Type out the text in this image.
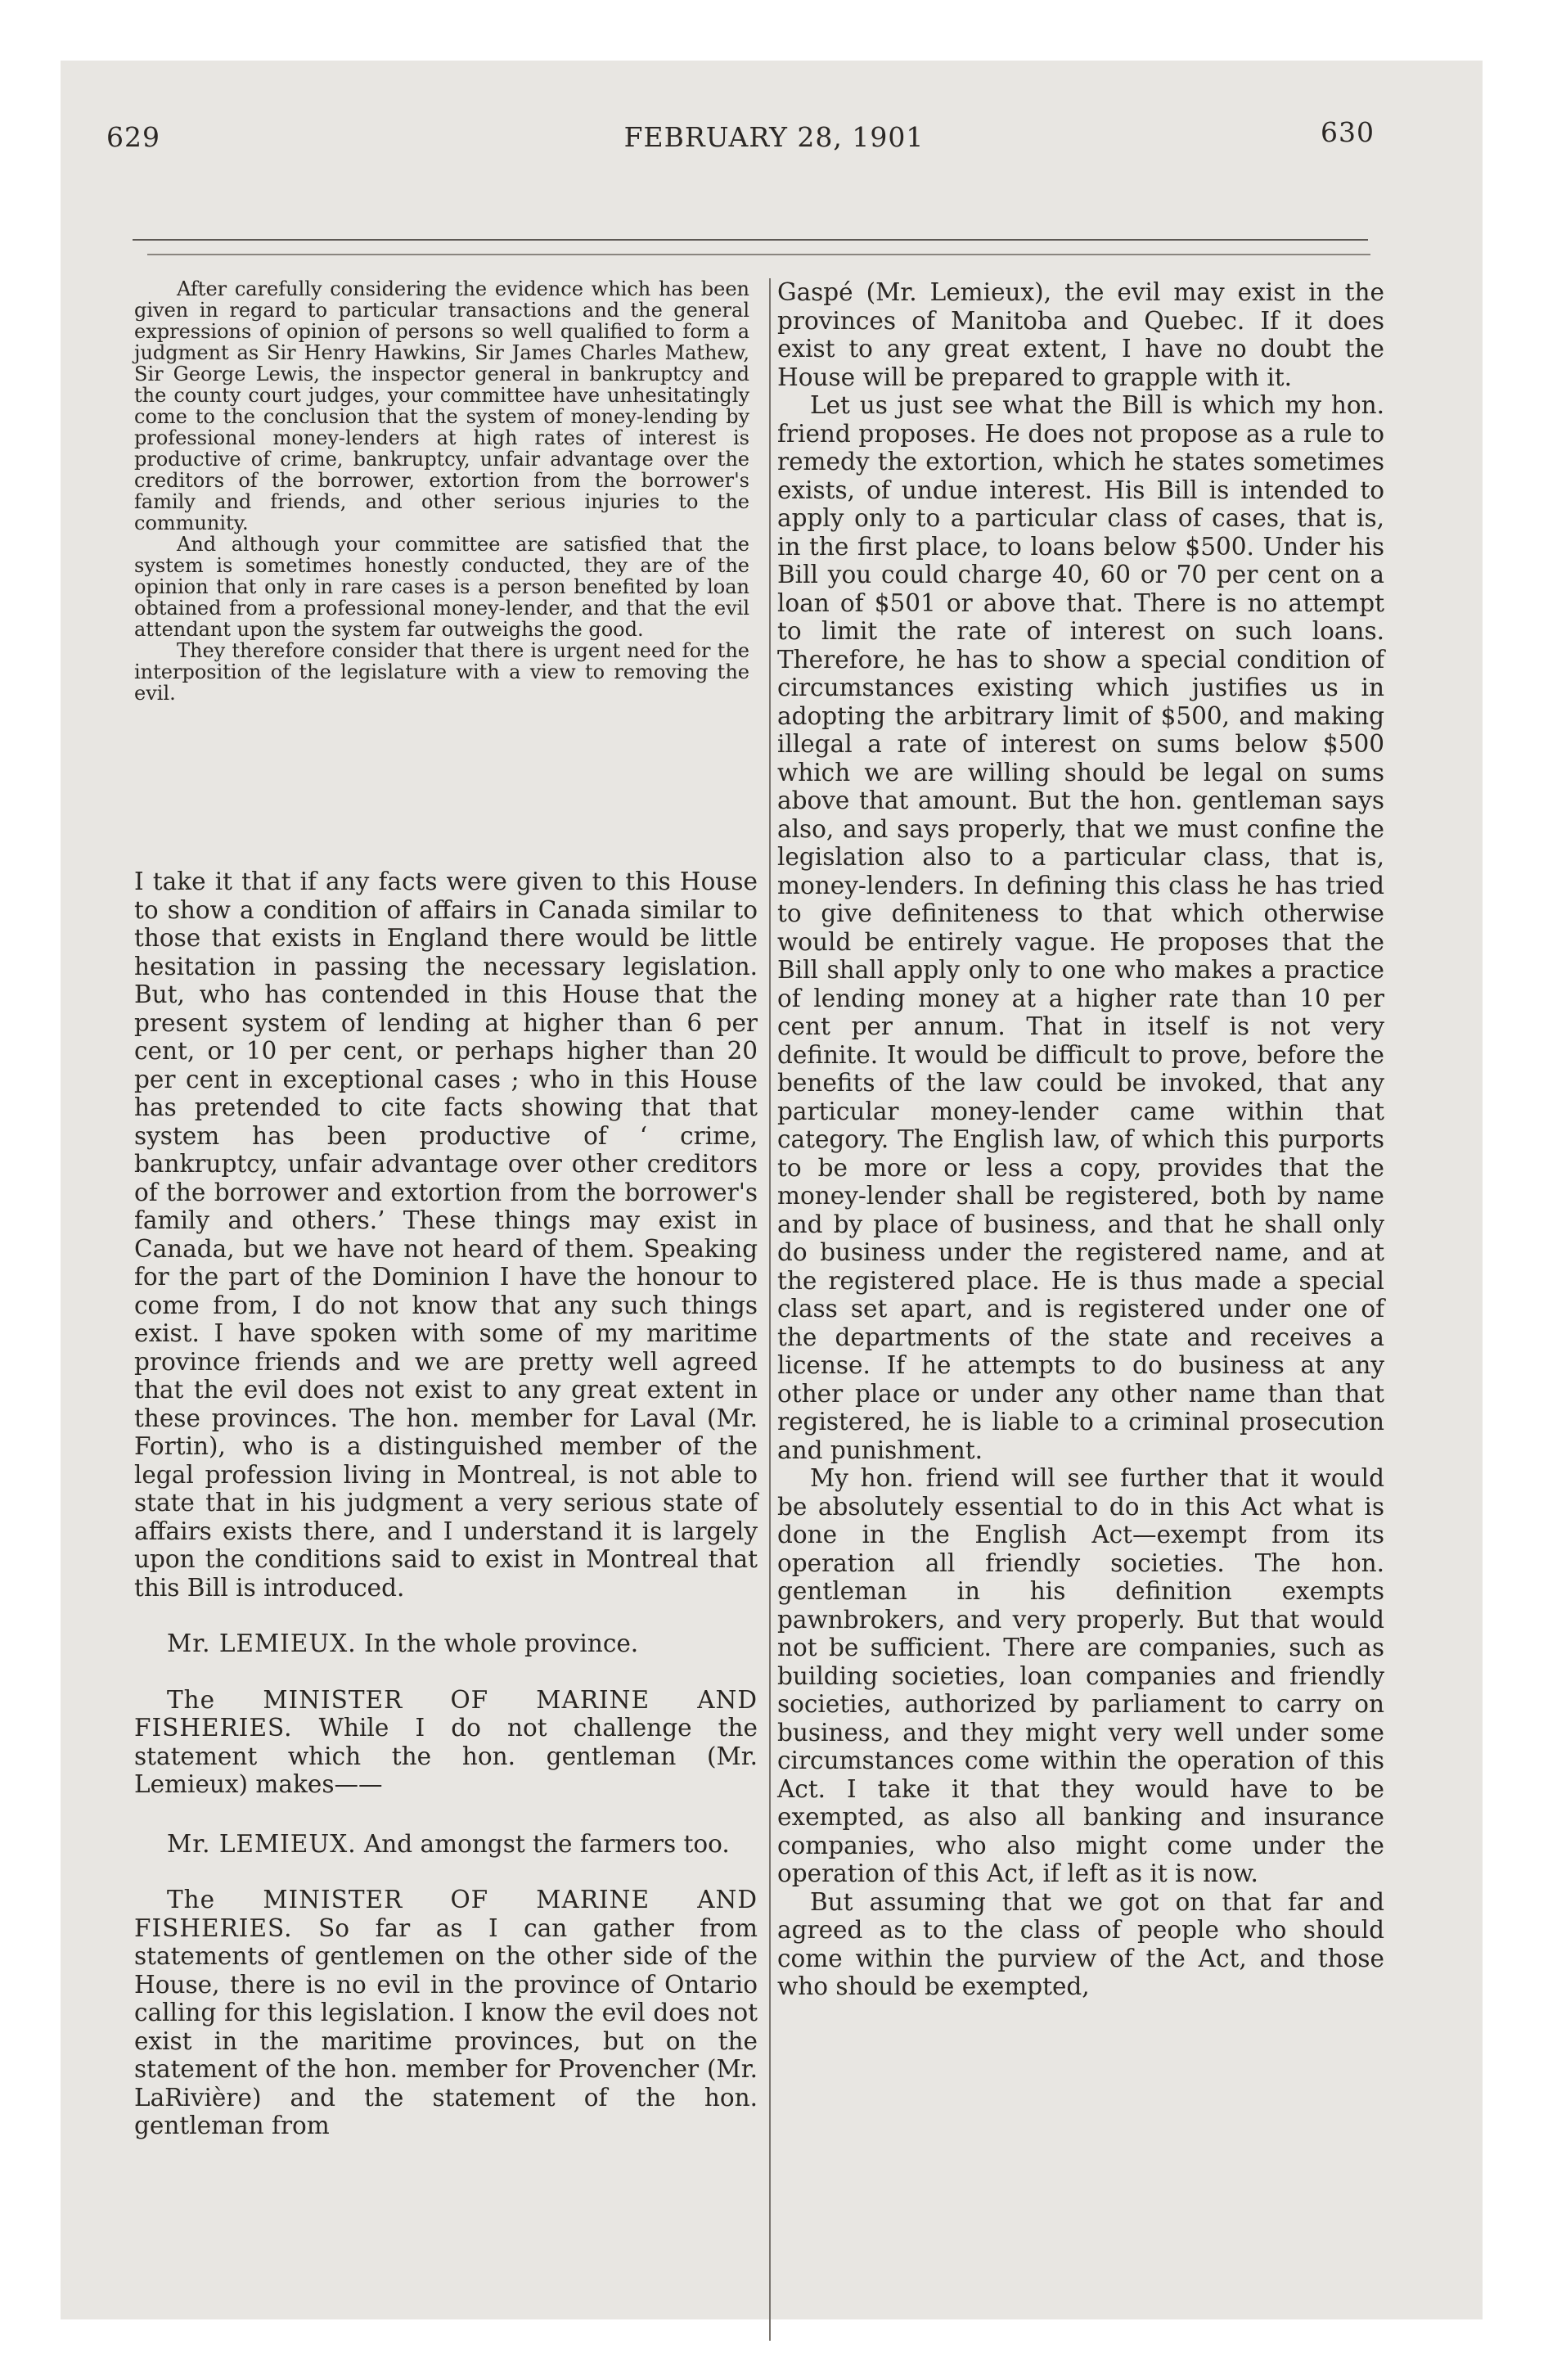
629	FEBRUARY 28, 1901	630

After carefully considering the evidence which has been given in regard to particular transactions and the general expressions of opinion of persons so well qualified to form a judgment as Sir Henry Hawkins, Sir James Charles Mathew, Sir George Lewis, the inspector general in bankruptcy and the county court judges, your committee have unhesitatingly come to the conclusion that the system of money-lending by professional money-lenders at high rates of interest is productive of crime, bankruptcy, unfair advantage over the creditors of the borrower, extortion from the borrower's family and friends, and other serious injuries to the community.

And although your committee are satisfied that the system is sometimes honestly conducted, they are of the opinion that only in rare cases is a person benefited by loan obtained from a professional money-lender, and that the evil attendant upon the system far outweighs the good.

They therefore consider that there is urgent need for the interposition of the legislature with a view to removing the evil.

I take it that if any facts were given to this House to show a condition of affairs in Canada similar to those that exists in England there would be little hesitation in passing the necessary legislation. But, who has contended in this House that the present system of lending at higher than 6 per cent, or 10 per cent, or perhaps higher than 20 per cent in exceptional cases ; who in this House has pretended to cite facts showing that that system has been productive of ‘ crime, bankruptcy, unfair advantage over other creditors of the borrower and extortion from the borrower's family and others.’ These things may exist in Canada, but we have not heard of them. Speaking for the part of the Dominion I have the honour to come from, I do not know that any such things exist. I have spoken with some of my maritime province friends and we are pretty well agreed that the evil does not exist to any great extent in these provinces. The hon. member for Laval (Mr. Fortin), who is a distinguished member of the legal profession living in Montreal, is not able to state that in his judgment a very serious state of affairs exists there, and I understand it is largely upon the conditions said to exist in Montreal that this Bill is introduced.

Mr. LEMIEUX. In the whole province.

The MINISTER OF MARINE AND FISHERIES. While I do not challenge the statement which the hon. gentleman (Mr. Lemieux) makes——

Mr. LEMIEUX. And amongst the farmers too.

The MINISTER OF MARINE AND FISHERIES. So far as I can gather from statements of gentlemen on the other side of the House, there is no evil in the province of Ontario calling for this legislation. I know the evil does not exist in the maritime provinces, but on the statement of the hon. member for Provencher (Mr. LaRivière) and the statement of the hon. gentleman from

Gaspé (Mr. Lemieux), the evil may exist in the provinces of Manitoba and Quebec. If it does exist to any great extent, I have no doubt the House will be prepared to grapple with it.

Let us just see what the Bill is which my hon. friend proposes. He does not propose as a rule to remedy the extortion, which he states sometimes exists, of undue interest. His Bill is intended to apply only to a particular class of cases, that is, in the first place, to loans below $500. Under his Bill you could charge 40, 60 or 70 per cent on a loan of $501 or above that. There is no attempt to limit the rate of interest on such loans. Therefore, he has to show a special condition of circumstances existing which justifies us in adopting the arbitrary limit of $500, and making illegal a rate of interest on sums below $500 which we are willing should be legal on sums above that amount. But the hon. gentleman says also, and says properly, that we must confine the legislation also to a particular class, that is, money-lenders. In defining this class he has tried to give definiteness to that which otherwise would be entirely vague. He proposes that the Bill shall apply only to one who makes a practice of lending money at a higher rate than 10 per cent per annum. That in itself is not very definite. It would be difficult to prove, before the benefits of the law could be invoked, that any particular money-lender came within that category. The English law, of which this purports to be more or less a copy, provides that the money-lender shall be registered, both by name and by place of business, and that he shall only do business under the registered name, and at the registered place. He is thus made a special class set apart, and is registered under one of the departments of the state and receives a license. If he attempts to do business at any other place or under any other name than that registered, he is liable to a criminal prosecution and punishment.

My hon. friend will see further that it would be absolutely essential to do in this Act what is done in the English Act—exempt from its operation all friendly societies. The hon. gentleman in his definition exempts pawnbrokers, and very properly. But that would not be sufficient. There are companies, such as building societies, loan companies and friendly societies, authorized by parliament to carry on business, and they might very well under some circumstances come within the operation of this Act. I take it that they would have to be exempted, as also all banking and insurance companies, who also might come under the operation of this Act, if left as it is now.

But assuming that we got on that far and agreed as to the class of people who should come within the purview of the Act, and those who should be exempted,
